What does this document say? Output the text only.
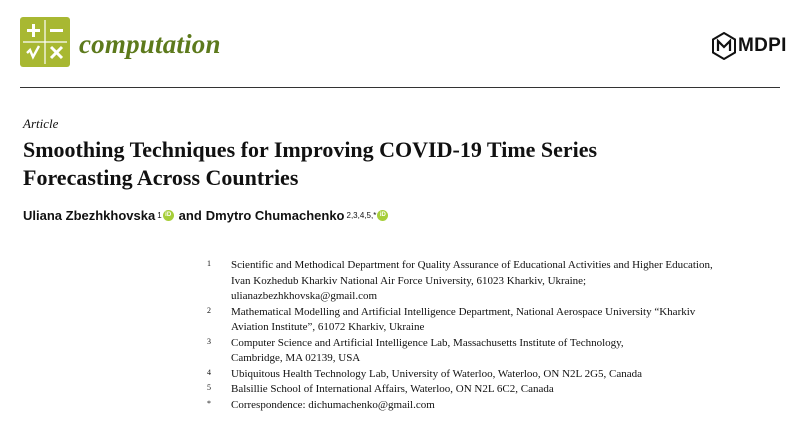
computation	MDPI
Article
Smoothing Techniques for Improving COVID-19 Time Series
Forecasting Across Countries
Uliana Zbezhkhovska 1 iD and Dmytro Chumachenko 2,3,4,5,* iD
1	Scientific and Methodical Department for Quality Assurance of Educational Activities and Higher Education,
Ivan Kozhedub Kharkiv National Air Force University, 61023 Kharkiv, Ukraine;
ulianazbezhkhovska@gmail.com
2	Mathematical Modelling and Artificial Intelligence Department, National Aerospace University “Kharkiv
Aviation Institute”, 61072 Kharkiv, Ukraine
3	Computer Science and Artificial Intelligence Lab, Massachusetts Institute of Technology,
Cambridge, MA 02139, USA
4	Ubiquitous Health Technology Lab, University of Waterloo, Waterloo, ON N2L 2G5, Canada
5	Balsillie School of International Affairs, Waterloo, ON N2L 6C2, Canada
*	Correspondence: dichumachenko@gmail.com
